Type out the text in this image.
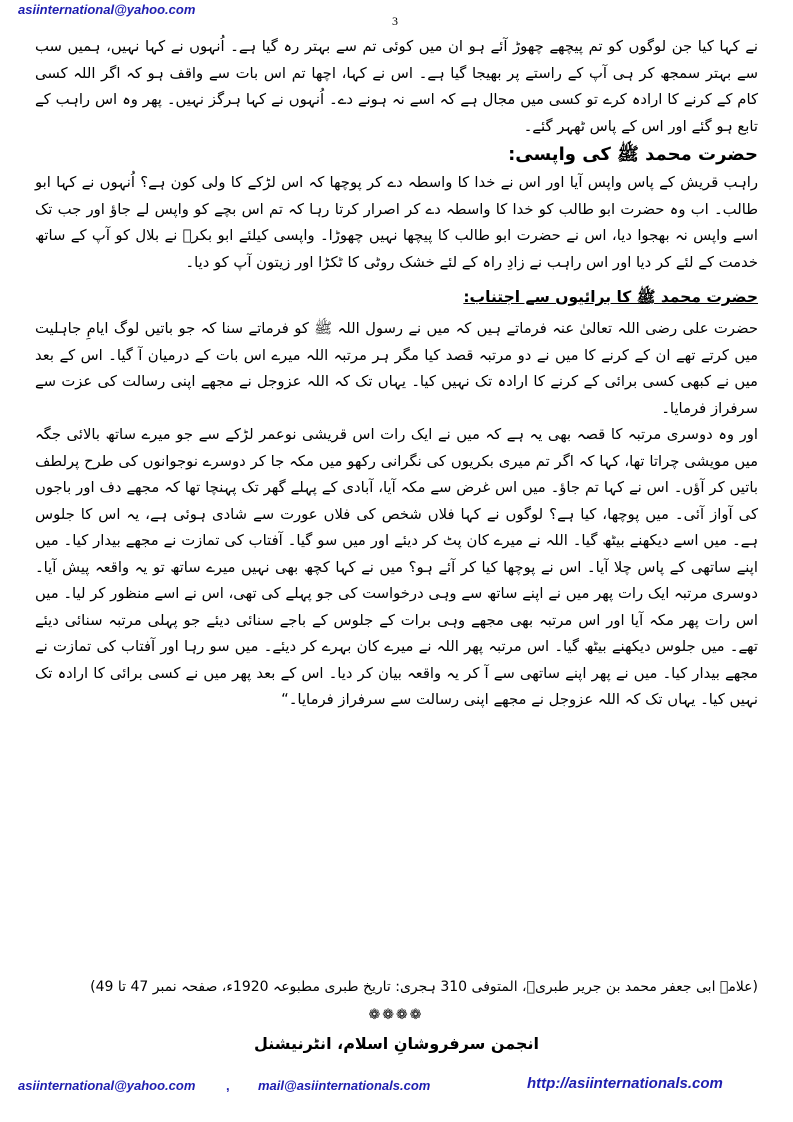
asiinternational@yahoo.com
3

نے کہا کیا جن لوگوں کو تم پیچھے چھوڑ آئے ہو ان میں کوئی تم سے بہتر رہ گیا ہے۔ اُنہوں نے کہا نہیں، ہمیں سب سے بہتر سمجھ کر ہی آپ کے راستے پر بھیجا گیا ہے۔ اس نے کہا، اچھا تم اس بات سے واقف ہو کہ اگر اللہ کسی کام کے کرنے کا ارادہ کرے تو کسی میں مجال ہے کہ اسے نہ ہونے دے۔ اُنہوں نے کہا ہرگز نہیں۔ پھر وہ اس راہب کے تابع ہو گئے اور اس کے پاس ٹھہر گئے۔

حضرت محمد ﷺ کی واپسی:

راہب قریش کے پاس واپس آیا اور اس نے خدا کا واسطہ دے کر پوچھا کہ اس لڑکے کا ولی کون ہے؟ اُنہوں نے کہا ابو طالب۔ اب وہ حضرت ابو طالب کو خدا کا واسطہ دے کر اصرار کرتا رہا کہ تم اس بچے کو واپس لے جاؤ اور جب تک اسے واپس نہ بھجوا دیا، اس نے حضرت ابو طالب کا پیچھا نہیں چھوڑا۔ واپسی کیلئے ابو بکرؓ نے بلال کو آپ کے ساتھ خدمت کے لئے کر دیا اور اس راہب نے زادِ راہ کے لئے خشک روٹی کا ٹکڑا اور زیتون آپ کو دیا۔

حضرت محمد ﷺ کا برائیوں سے اجتناب:

حضرت علی رضی اللہ تعالیٰ عنہ فرماتے ہیں کہ میں نے رسول اللہ ﷺ کو فرماتے سنا کہ جو باتیں لوگ ایامِ جاہلیت میں کرتے تھے ان کے کرنے کا میں نے دو مرتبہ قصد کیا مگر ہر مرتبہ اللہ میرے اس بات کے درمیان آ گیا۔ اس کے بعد میں نے کبھی کسی برائی کے کرنے کا ارادہ تک نہیں کیا۔ یہاں تک کہ اللہ عزوجل نے مجھے اپنی رسالت کی عزت سے سرفراز فرمایا۔

اور وہ دوسری مرتبہ کا قصہ بھی یہ ہے کہ میں نے ایک رات اس قریشی نوعمر لڑکے سے جو میرے ساتھ بالائی جگہ میں مویشی چراتا تھا، کہا کہ اگر تم میری بکریوں کی نگرانی رکھو میں مکہ جا کر دوسرے نوجوانوں کی طرح پرلطف باتیں کر آؤں۔ اس نے کہا تم جاؤ۔ میں اس غرض سے مکہ آیا، آبادی کے پہلے گھر تک پہنچا تھا کہ مجھے دف اور باجوں کی آواز آئی۔ میں پوچھا، کیا ہے؟ لوگوں نے کہا فلاں شخص کی فلاں عورت سے شادی ہوئی ہے، یہ اس کا جلوس ہے۔ میں اسے دیکھنے بیٹھ گیا۔ اللہ نے میرے کان پٹ کر دیئے اور میں سو گیا۔ آفتاب کی تمازت نے مجھے بیدار کیا۔ میں اپنے ساتھی کے پاس چلا آیا۔ اس نے پوچھا کیا کر آئے ہو؟ میں نے کہا کچھ بھی نہیں میرے ساتھ تو یہ واقعہ پیش آیا۔ دوسری مرتبہ ایک رات پھر میں نے اپنے ساتھ سے وہی درخواست کی جو پہلے کی تھی، اس نے اسے منظور کر لیا۔ میں اس رات پھر مکہ آیا اور اس مرتبہ بھی مجھے وہی برات کے جلوس کے باجے سنائی دیئے جو پہلی مرتبہ سنائی دیئے تھے۔ میں جلوس دیکھنے بیٹھ گیا۔ اس مرتبہ پھر اللہ نے میرے کان بہرے کر دیئے۔ میں سو رہا اور آفتاب کی تمازت نے مجھے بیدار کیا۔ میں نے پھر اپنے ساتھی سے آ کر یہ واقعہ بیان کر دیا۔ اس کے بعد پھر میں نے کسی برائی کا ارادہ تک نہیں کیا۔ یہاں تک کہ اللہ عزوجل نے مجھے اپنی رسالت سے سرفراز فرمایا۔“

(علامہ ابی جعفر محمد بن جریر طبریؒ، المتوفی 310 ہجری: تاریخ طبری مطبوعہ 1920ء، صفحہ نمبر 47 تا 49)
❁❁❁❁
انجمن سرفروشانِ اسلام، انٹرنیشنل
asiinternational@yahoo.com , mail@asiinternationals.com	http://asiinternationals.com
